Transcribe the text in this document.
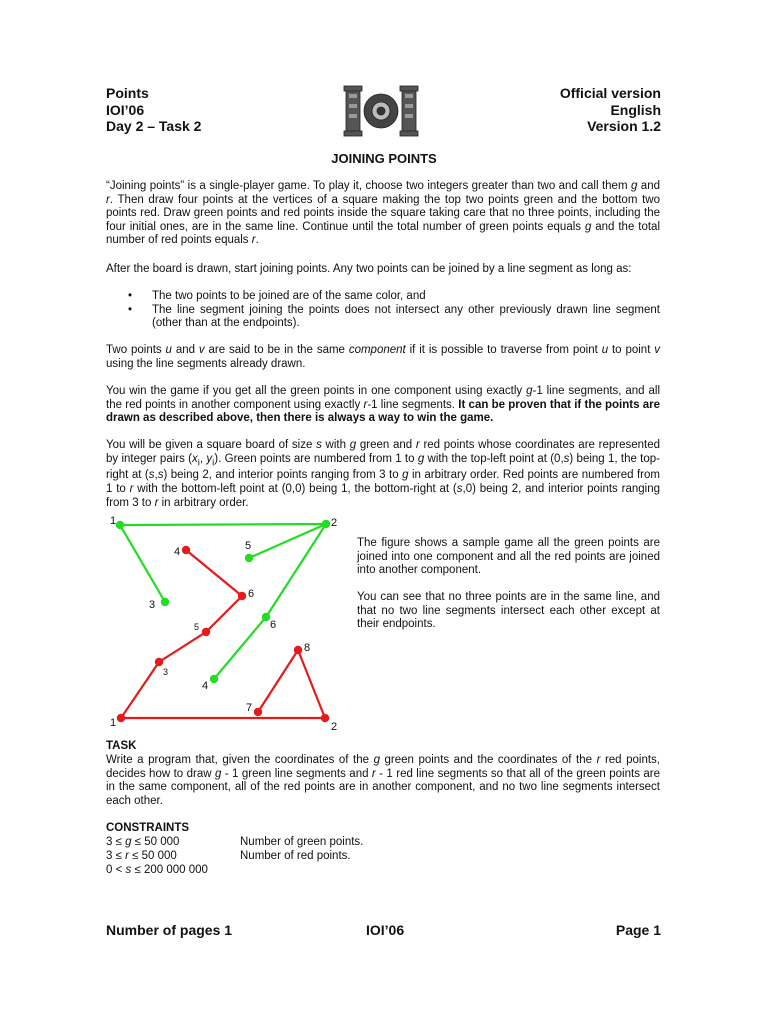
Points
IOI’06
Day 2 – Task 2
Official version
English
Version 1.2
JOINING POINTS
“Joining points” is a single-player game. To play it, choose two integers greater than two and call them g and r. Then draw four points at the vertices of a square making the top two points green and the bottom two points red. Draw green points and red points inside the square taking care that no three points, including the four initial ones, are in the same line. Continue until the total number of green points equals g and the total number of red points equals r.
After the board is drawn, start joining points. Any two points can be joined by a line segment as long as:
• The two points to be joined are of the same color, and
• The line segment joining the points does not intersect any other previously drawn line segment (other than at the endpoints).
Two points u and v are said to be in the same component if it is possible to traverse from point u to point v using the line segments already drawn.
You win the game if you get all the green points in one component using exactly g-1 line segments, and all the red points in another component using exactly r-1 line segments. It can be proven that if the points are drawn as described above, then there is always a way to win the game.
You will be given a square board of size s with g green and r red points whose coordinates are represented by integer pairs ($x_i$, $y_i$). Green points are numbered from 1 to g with the top-left point at (0,s) being 1, the top-right at (s,s) being 2, and interior points ranging from 3 to g in arbitrary order. Red points are numbered from 1 to r with the bottom-left point at (0,0) being 1, the bottom-right at (s,0) being 2, and interior points ranging from 3 to r in arbitrary order.
1	2
3
4
5
6
1	2
3
4
5
6
7
8
The figure shows a sample game all the green points are joined into one component and all the red points are joined into another component.
You can see that no three points are in the same line, and that no two line segments intersect each other except at their endpoints.
TASK
Write a program that, given the coordinates of the g green points and the coordinates of the r red points, decides how to draw g - 1 green line segments and r - 1 red line segments so that all of the green points are in the same component, all of the red points are in another component, and no two line segments intersect each other.
CONSTRAINTS
3 ≤ g ≤ 50 000	Number of green points.
3 ≤ r ≤ 50 000	Number of red points.
0 < s ≤ 200 000 000
Number of pages 1	IOI’06	Page 1
